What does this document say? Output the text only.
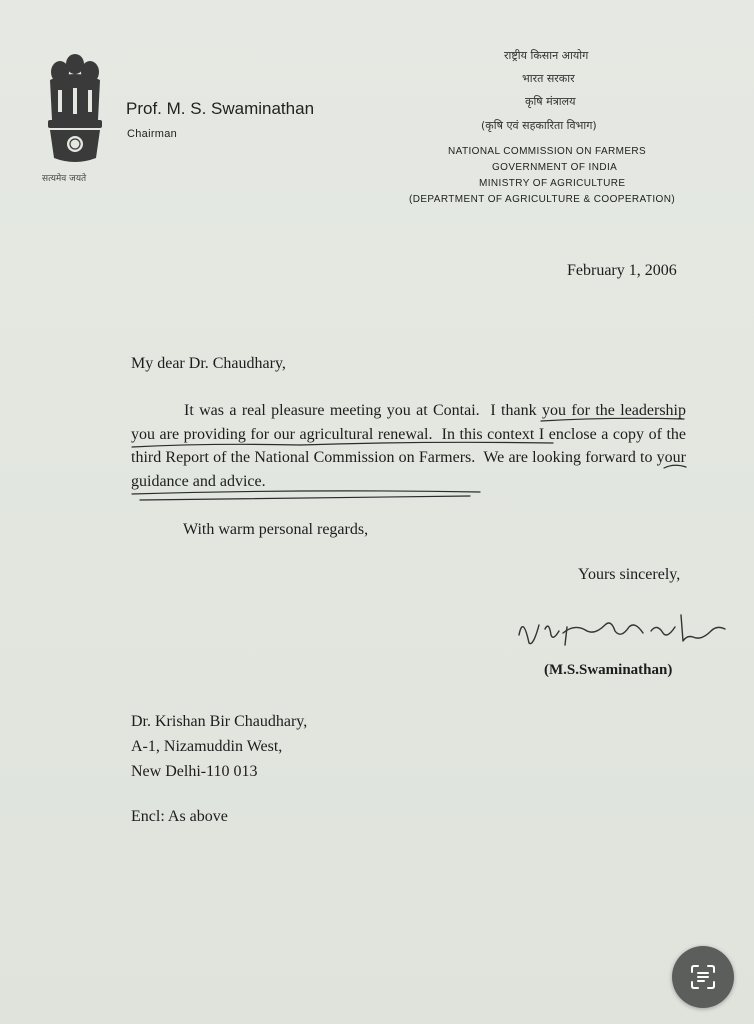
सत्यमेव जयते
Prof. M. S. Swaminathan
Chairman
राष्ट्रीय किसान आयोग
भारत सरकार
कृषि मंत्रालय
(कृषि एवं सहकारिता विभाग)
NATIONAL COMMISSION ON FARMERS
GOVERNMENT OF INDIA
MINISTRY OF AGRICULTURE
(DEPARTMENT OF AGRICULTURE & COOPERATION)
February 1, 2006
My dear Dr. Chaudhary,
It was a real pleasure meeting you at Contai. I thank you for the leadership you are providing for our agricultural renewal. In this context I enclose a copy of the third Report of the National Commission on Farmers. We are looking forward to your guidance and advice.
With warm personal regards,
Yours sincerely,
(M.S.Swaminathan)
Dr. Krishan Bir Chaudhary,
A-1, Nizamuddin West,
New Delhi-110 013
Encl: As above
